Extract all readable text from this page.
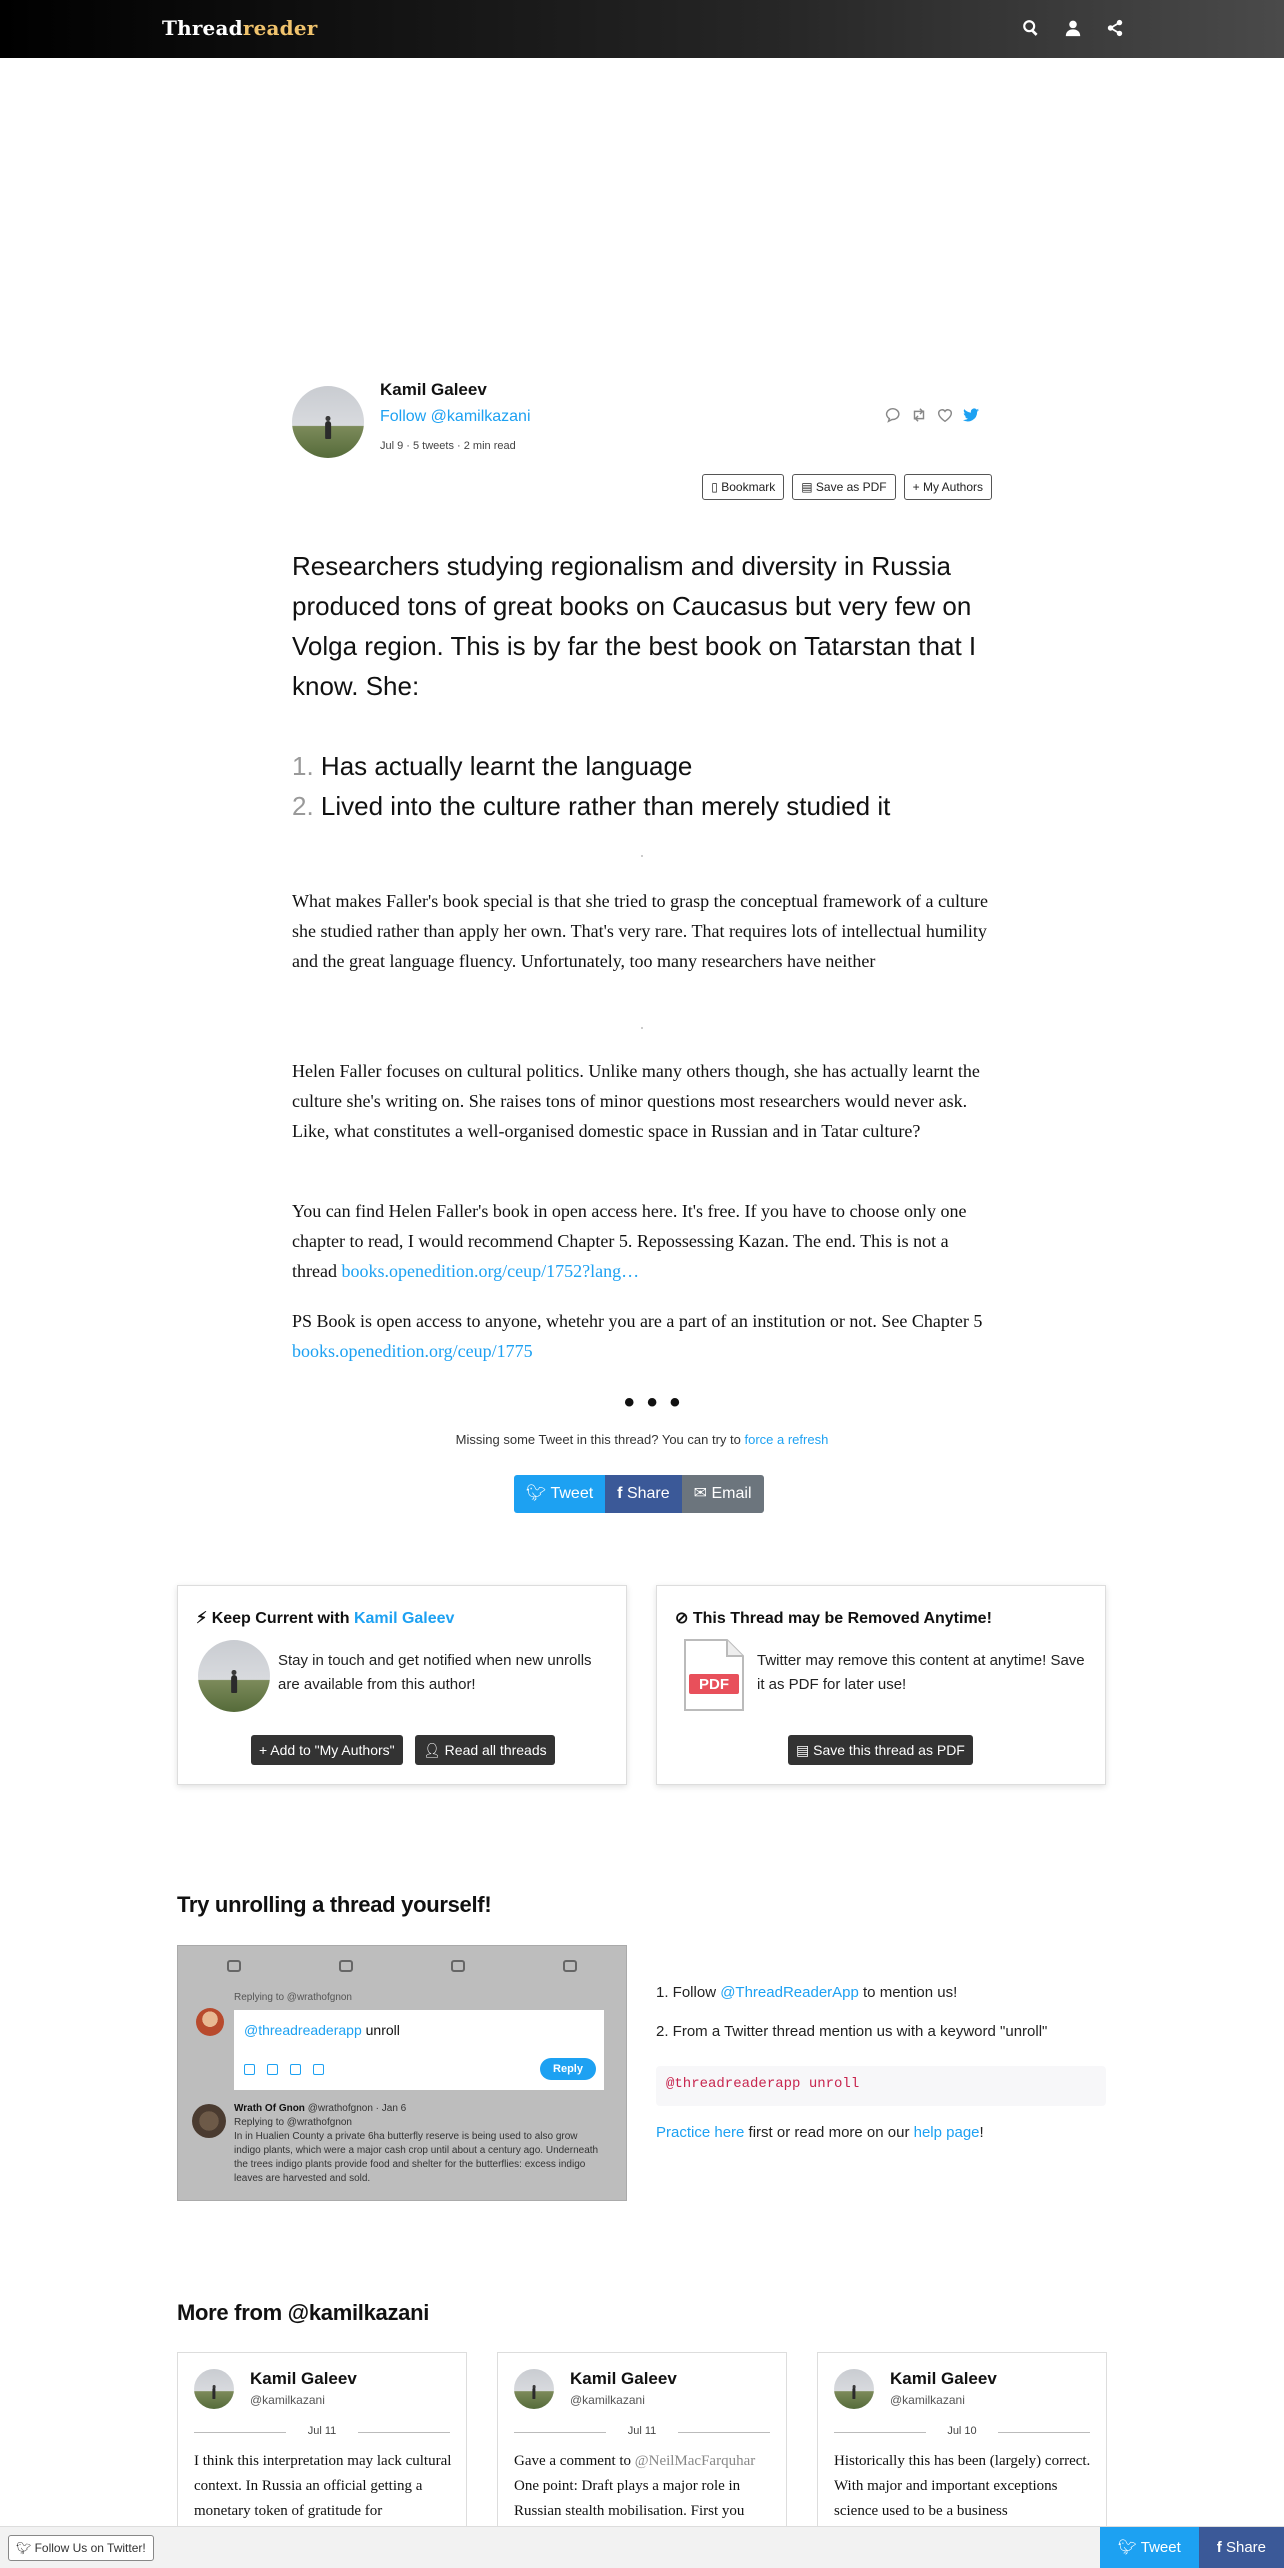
Threadreader
Kamil Galeev
Follow @kamilkazani
Jul 9 · 5 tweets · 2 min read
▯ Bookmark	▤ Save as PDF	+ My Authors
Researchers studying regionalism and diversity in Russia produced tons of great books on Caucasus but very few on Volga region. This is by far the best book on Tatarstan that I know. She:
1. Has actually learnt the language
2. Lived into the culture rather than merely studied it
What makes Faller's book special is that she tried to grasp the conceptual framework of a culture she studied rather than apply her own. That's very rare. That requires lots of intellectual humility and the great language fluency. Unfortunately, too many researchers have neither
Helen Faller focuses on cultural politics. Unlike many others though, she has actually learnt the culture she's writing on. She raises tons of minor questions most researchers would never ask. Like, what constitutes a well-organised domestic space in Russian and in Tatar culture?
You can find Helen Faller's book in open access here. It's free. If you have to choose only one chapter to read, I would recommend Chapter 5. Repossessing Kazan. The end. This is not a thread books.openedition.org/ceup/1752?lang…
PS Book is open access to anyone, whetehr you are a part of an institution or not. See Chapter 5 books.openedition.org/ceup/1775
• • •
Missing some Tweet in this thread? You can try to force a refresh
🐦︎ Tweet	f Share	✉ Email
⚡︎ Keep Current with Kamil Galeev
Stay in touch and get notified when new unrolls are available from this author!
+ Add to "My Authors"	👤︎ Read all threads
⊘ This Thread may be Removed Anytime!
PDF
Twitter may remove this content at anytime! Save it as PDF for later use!
▤ Save this thread as PDF
Try unrolling a thread yourself!
Replying to @wrathofgnon
@threadreaderapp unroll
Reply
Wrath Of Gnon @wrathofgnon · Jan 6
Replying to @wrathofgnon
In in Hualien County a private 6ha butterfly reserve is being used to also grow indigo plants, which were a major cash crop until about a century ago. Underneath the trees indigo plants provide food and shelter for the butterflies: excess indigo leaves are harvested and sold.
1. Follow @ThreadReaderApp to mention us!
2. From a Twitter thread mention us with a keyword "unroll"
@threadreaderapp unroll
Practice here first or read more on our help page!
More from @kamilkazani
Kamil Galeev
@kamilkazani
Jul 11
I think this interpretation may lack cultural context. In Russia an official getting a monetary token of gratitude for
Kamil Galeev
@kamilkazani
Jul 11
Gave a comment to @NeilMacFarquhar One point: Draft plays a major role in Russian stealth mobilisation. First you
Kamil Galeev
@kamilkazani
Jul 10
Historically this has been (largely) correct. With major and important exceptions science used to be a business
🐦︎ Follow Us on Twitter!	🐦︎ Tweet	f Share
